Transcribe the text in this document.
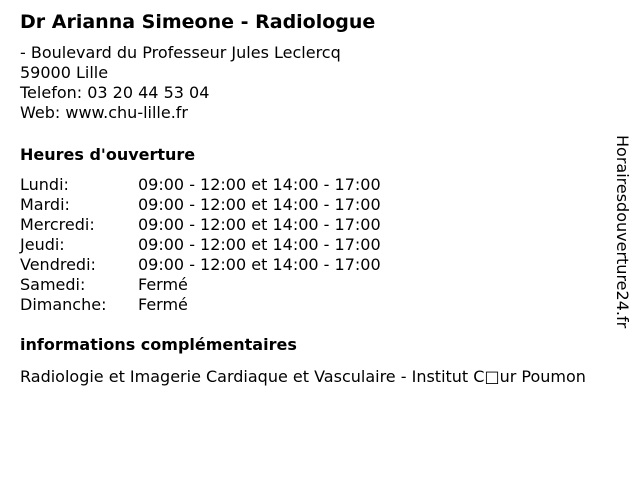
Dr Arianna Simeone - Radiologue
- Boulevard du Professeur Jules Leclercq
59000 Lille
Telefon: 03 20 44 53 04
Web: www.chu-lille.fr
Heures d'ouverture
Lundi:	09:00 - 12:00 et 14:00 - 17:00
Mardi:	09:00 - 12:00 et 14:00 - 17:00
Mercredi:	09:00 - 12:00 et 14:00 - 17:00
Jeudi:	09:00 - 12:00 et 14:00 - 17:00
Vendredi:	09:00 - 12:00 et 14:00 - 17:00
Samedi:	Fermé
Dimanche:	Fermé
informations complémentaires
Radiologie et Imagerie Cardiaque et Vasculaire - Institut C□ur Poumon
Horairesdouverture24.fr
